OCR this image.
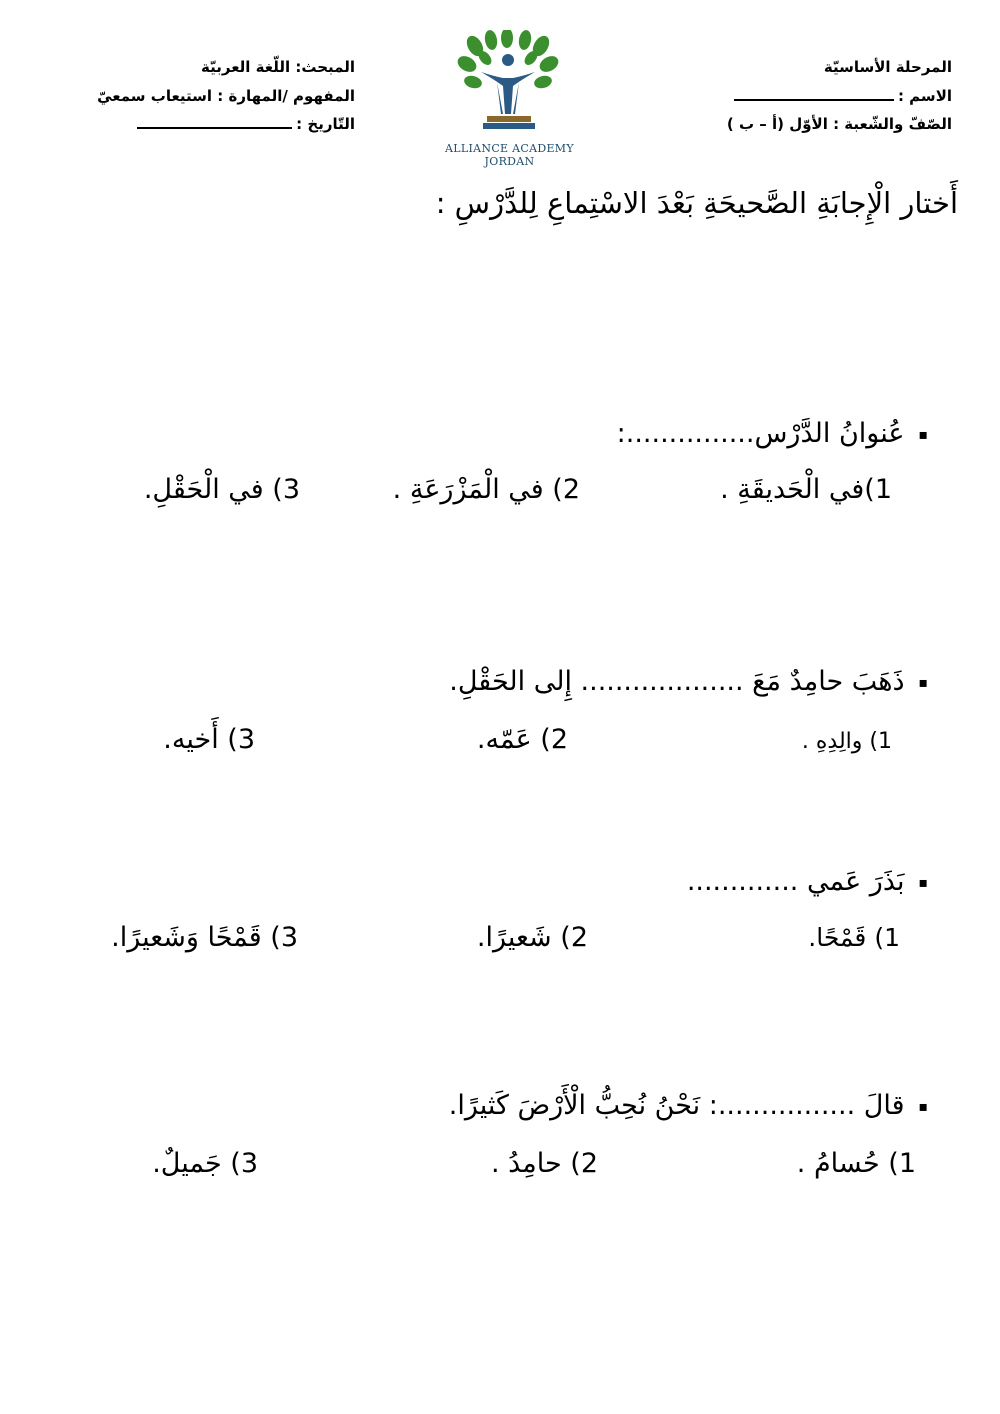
المرحلة الأساسيّة
الاسم :
الصّفّ والشّعبة : الأوّل (أ – ب )
المبحث: اللّغة العربيّة
المفهوم /المهارة : استيعاب سمعيّ
التّاريخ :
ALLIANCE ACADEMY
JORDAN
أَختار الْإِجابَةِ الصَّحيحَةِ بَعْدَ الاسْتِماعِ لِلدَّرْسِ :
▪عُنوانُ الدَّرْس...............:
1)في الْحَديقَةِ .
2) في الْمَزْرَعَةِ .
3) في الْحَقْلِ.
▪ذَهَبَ حامِدٌ مَعَ ................... إِلى الحَقْلِ.
1) والِدِهِ .
2) عَمّه.
3) أَخيه.
▪بَذَرَ عَمي .............
1) قَمْحًا.
2) شَعيرًا.
3) قَمْحًا وَشَعيرًا.
▪قالَ ................: نَحْنُ نُحِبُّ الْأَرْضَ كَثيرًا.
1) حُسامُ .
2) حامِدُ .
3) جَميلٌ.
